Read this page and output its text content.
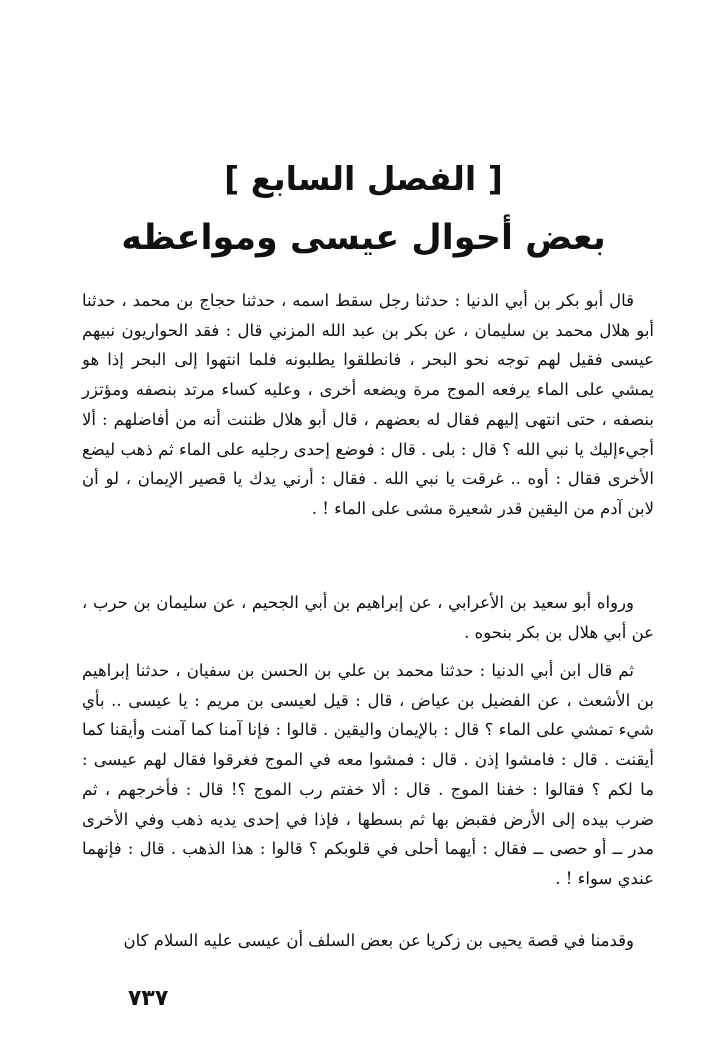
[ الفصل السابع ]
بعض أحوال عيسى ومواعظه
قال أبو بكر بن أبي الدنيا : حدثنا رجل سقط اسمه ، حدثنا حجاج بن محمد ، حدثنا أبو هلال محمد بن سليمان ، عن بكر بن عبد الله المزني قال : فقد الحواريون نبيهم عيسى فقيل لهم توجه نحو البحر ، فانطلقوا يطلبونه فلما انتهوا إلى البحر إذا هو يمشي على الماء يرفعه الموج مرة ويضعه أخرى ، وعليه كساء مرتد بنصفه ومؤتزر بنصفه ، حتى انتهى إليهم فقال له بعضهم ، قال أبو هلال ظننت أنه من أفاضلهم : ألا أجيءإليك يا نبي الله ؟ قال : بلى . قال : فوضع إحدى رجليه على الماء ثم ذهب ليضع الأخرى فقال : أوه .. غرقت يا نبي الله . فقال : أرني يدك يا قصير الإيمان ، لو أن لابن آدم من اليقين قدر شعيرة مشى على الماء ! .
ورواه أبو سعيد بن الأعرابي ، عن إبراهيم بن أبي الجحيم ، عن سليمان بن حرب ، عن أبي هلال بن بكر بنحوه .
ثم قال ابن أبي الدنيا : حدثنا محمد بن علي بن الحسن بن سفيان ، حدثنا إبراهيم بن الأشعث ، عن الفضيل بن عياض ، قال : قيل لعيسى بن مريم : يا عيسى .. بأي شيء تمشي على الماء ؟ قال : بالإيمان واليقين . قالوا : فإنا آمنا كما آمنت وأيقنا كما أيقنت . قال : فامشوا إذن . قال : فمشوا معه في الموج فغرقوا فقال لهم عيسى : ما لكم ؟ فقالوا : خفنا الموج . قال : ألا خفتم رب الموج ؟! قال : فأخرجهم ، ثم ضرب بيده إلى الأرض فقبض بها ثم بسطها ، فإذا في إحدى يديه ذهب وفي الأخرى مدر ــ أو حصى ــ فقال : أيهما أحلى في قلوبكم ؟ قالوا : هذا الذهب . قال : فإنهما عندي سواء ! .
وقدمنا في قصة يحيى بن زكريا عن بعض السلف أن عيسى عليه السلام كان
٧٣٧
